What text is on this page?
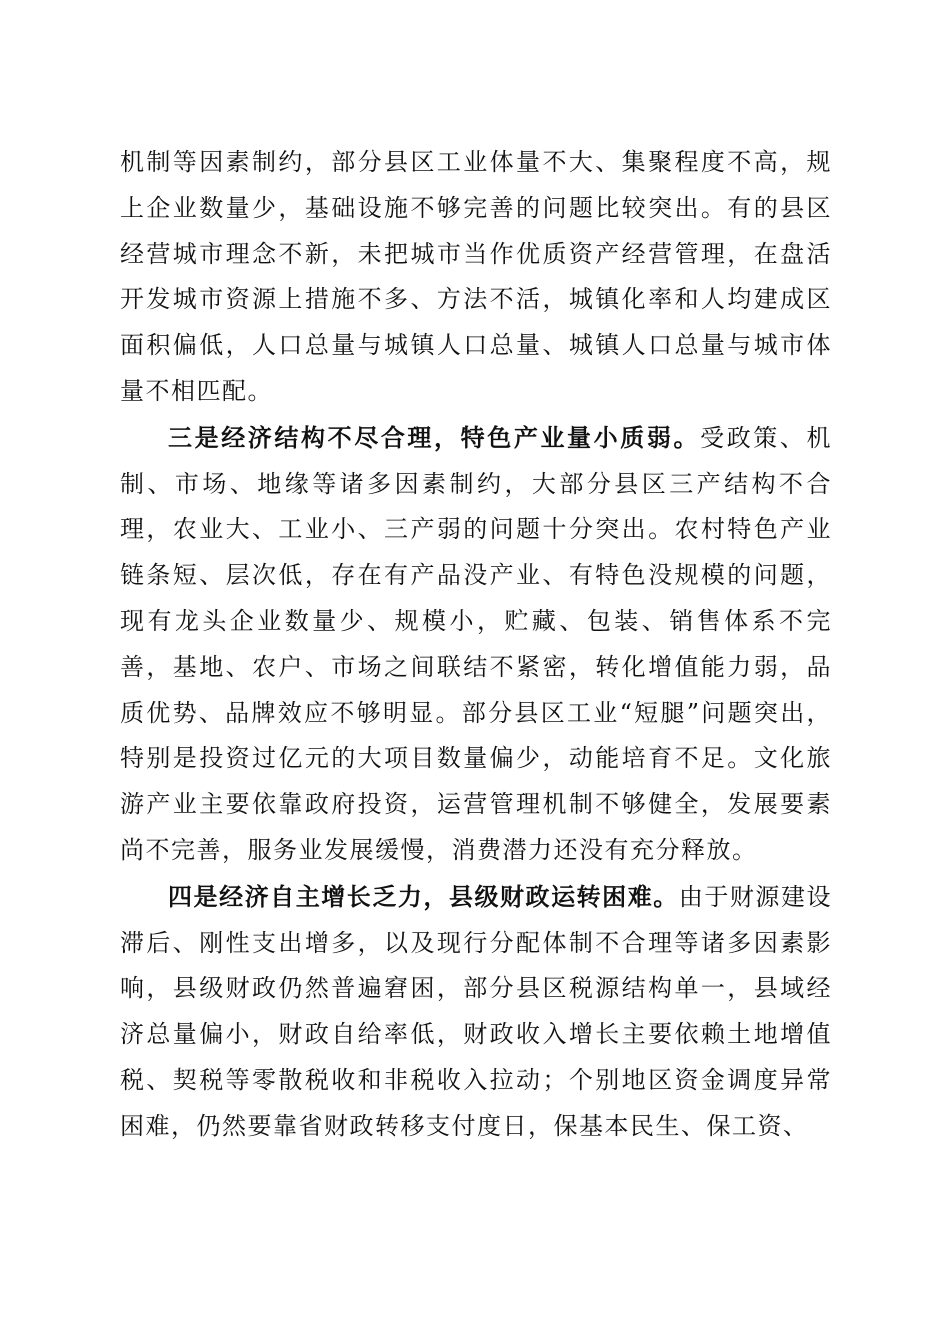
机制等因素制约，部分县区工业体量不大、集聚程度不高，规上企业数量少，基础设施不够完善的问题比较突出。有的县区经营城市理念不新，未把城市当作优质资产经营管理，在盘活开发城市资源上措施不多、方法不活，城镇化率和人均建成区面积偏低，人口总量与城镇人口总量、城镇人口总量与城市体量不相匹配。

三是经济结构不尽合理，特色产业量小质弱。受政策、机制、市场、地缘等诸多因素制约，大部分县区三产结构不合理，农业大、工业小、三产弱的问题十分突出。农村特色产业链条短、层次低，存在有产品没产业、有特色没规模的问题，现有龙头企业数量少、规模小，贮藏、包装、销售体系不完善，基地、农户、市场之间联结不紧密，转化增值能力弱，品质优势、品牌效应不够明显。部分县区工业“短腿”问题突出，特别是投资过亿元的大项目数量偏少，动能培育不足。文化旅游产业主要依靠政府投资，运营管理机制不够健全，发展要素尚不完善，服务业发展缓慢，消费潜力还没有充分释放。

四是经济自主增长乏力，县级财政运转困难。由于财源建设滞后、刚性支出增多，以及现行分配体制不合理等诸多因素影响，县级财政仍然普遍窘困，部分县区税源结构单一，县域经济总量偏小，财政自给率低，财政收入增长主要依赖土地增值税、契税等零散税收和非税收入拉动；个别地区资金调度异常困难，仍然要靠省财政转移支付度日，保基本民生、保工资、
